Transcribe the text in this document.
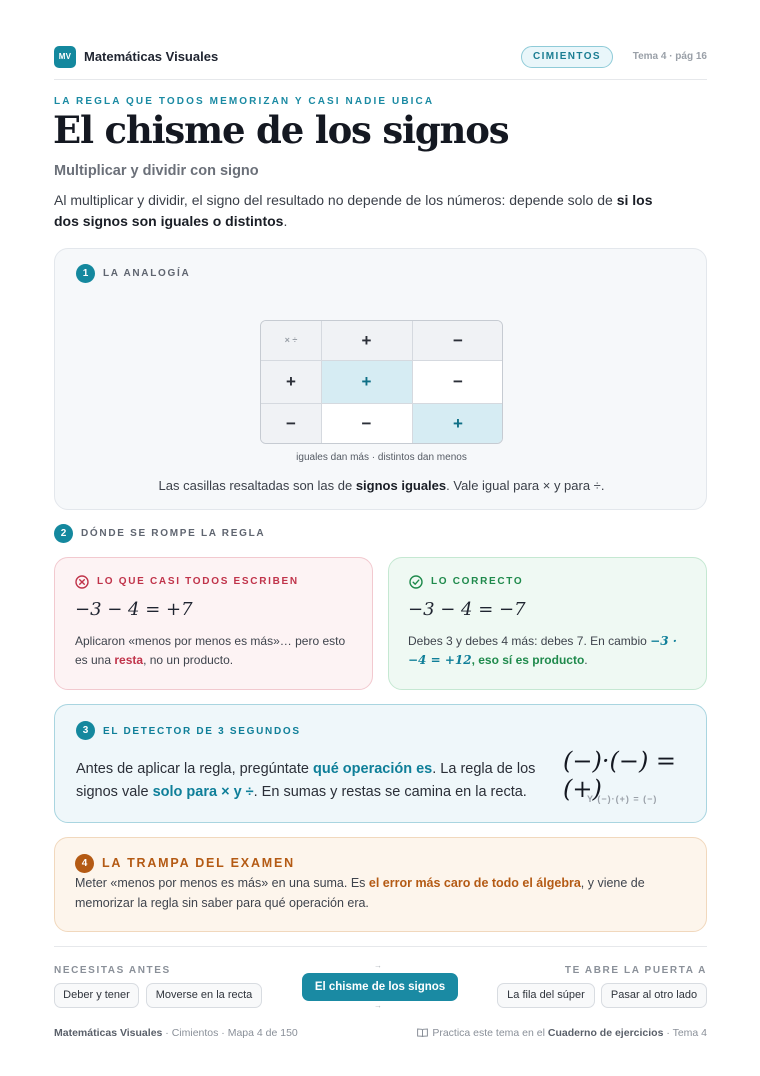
MV Matemáticas Visuales	CIMIENTOS	Tema 4 · pág 16
LA REGLA QUE TODOS MEMORIZAN Y CASI NADIE UBICA
El chisme de los signos
Multiplicar y dividir con signo

Al multiplicar y dividir, el signo del resultado no depende de los números: depende solo de si los dos signos son iguales o distintos.

1	LA ANALOGÍA
× ÷	+	−
+	+	−
−	−	+
iguales dan más · distintos dan menos
Las casillas resaltadas son las de signos iguales. Vale igual para × y para ÷.
2	DÓNDE SE ROMPE LA REGLA
LO QUE CASI TODOS ESCRIBEN
−3 − 4 = +7
Aplicaron «menos por menos es más»… pero esto es una resta, no un producto.
LO CORRECTO
−3 − 4 = −7
Debes 3 y debes 4 más: debes 7. En cambio −3 · −4 = +12, eso sí es producto.
3	EL DETECTOR DE 3 SEGUNDOS
Antes de aplicar la regla, pregúntate qué operación es. La regla de los signos vale solo para × y ÷. En sumas y restas se camina en la recta.
(−)·(−) = (+)
Y (−)·(+) = (−)
4	LA TRAMPA DEL EXAMEN
Meter «menos por menos es más» en una suma. Es el error más caro de todo el álgebra, y viene de memorizar la regla sin saber para qué operación era.
NECESITAS ANTES	TE ABRE LA PUERTA A
Deber y tener	Moverse en la recta
→
El chisme de los signos
→
La fila del súper	Pasar al otro lado
Matemáticas Visuales · Cimientos · Mapa 4 de 150	Practica este tema en el Cuaderno de ejercicios · Tema 4
